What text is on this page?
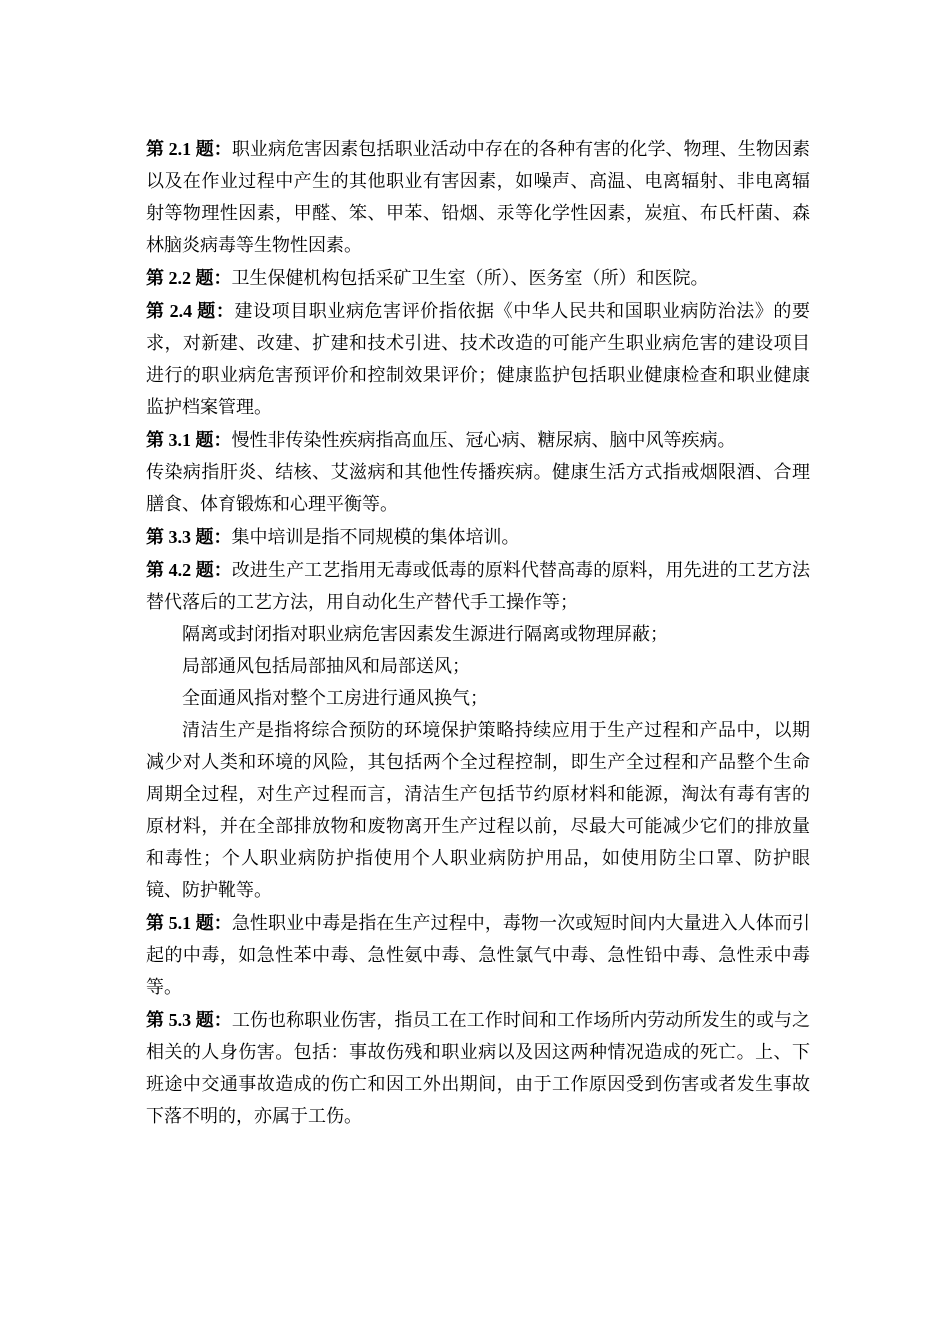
第 2.1 题：职业病危害因素包括职业活动中存在的各种有害的化学、物理、生物因素以及在作业过程中产生的其他职业有害因素，如噪声、高温、电离辐射、非电离辐射等物理性因素，甲醛、笨、甲苯、铅烟、汞等化学性因素，炭疽、布氏杆菌、森林脑炎病毒等生物性因素。

第 2.2 题：卫生保健机构包括采矿卫生室（所）、医务室（所）和医院。

第 2.4 题：建设项目职业病危害评价指依据《中华人民共和国职业病防治法》的要求，对新建、改建、扩建和技术引进、技术改造的可能产生职业病危害的建设项目进行的职业病危害预评价和控制效果评价；健康监护包括职业健康检查和职业健康监护档案管理。

第 3.1 题：慢性非传染性疾病指高血压、冠心病、糖尿病、脑中风等疾病。

传染病指肝炎、结核、艾滋病和其他性传播疾病。健康生活方式指戒烟限酒、合理膳食、体育锻炼和心理平衡等。

第 3.3 题：集中培训是指不同规模的集体培训。

第 4.2 题：改进生产工艺指用无毒或低毒的原料代替高毒的原料，用先进的工艺方法替代落后的工艺方法，用自动化生产替代手工操作等；

隔离或封闭指对职业病危害因素发生源进行隔离或物理屏蔽；

局部通风包括局部抽风和局部送风；

全面通风指对整个工房进行通风换气；

清洁生产是指将综合预防的环境保护策略持续应用于生产过程和产品中，以期减少对人类和环境的风险，其包括两个全过程控制，即生产全过程和产品整个生命周期全过程，对生产过程而言，清洁生产包括节约原材料和能源，淘汰有毒有害的原材料，并在全部排放物和废物离开生产过程以前，尽最大可能减少它们的排放量和毒性；个人职业病防护指使用个人职业病防护用品，如使用防尘口罩、防护眼镜、防护靴等。

第 5.1 题：急性职业中毒是指在生产过程中，毒物一次或短时间内大量进入人体而引起的中毒，如急性苯中毒、急性氨中毒、急性氯气中毒、急性铅中毒、急性汞中毒等。

第 5.3 题：工伤也称职业伤害，指员工在工作时间和工作场所内劳动所发生的或与之相关的人身伤害。包括：事故伤残和职业病以及因这两种情况造成的死亡。上、下班途中交通事故造成的伤亡和因工外出期间，由于工作原因受到伤害或者发生事故下落不明的，亦属于工伤。
